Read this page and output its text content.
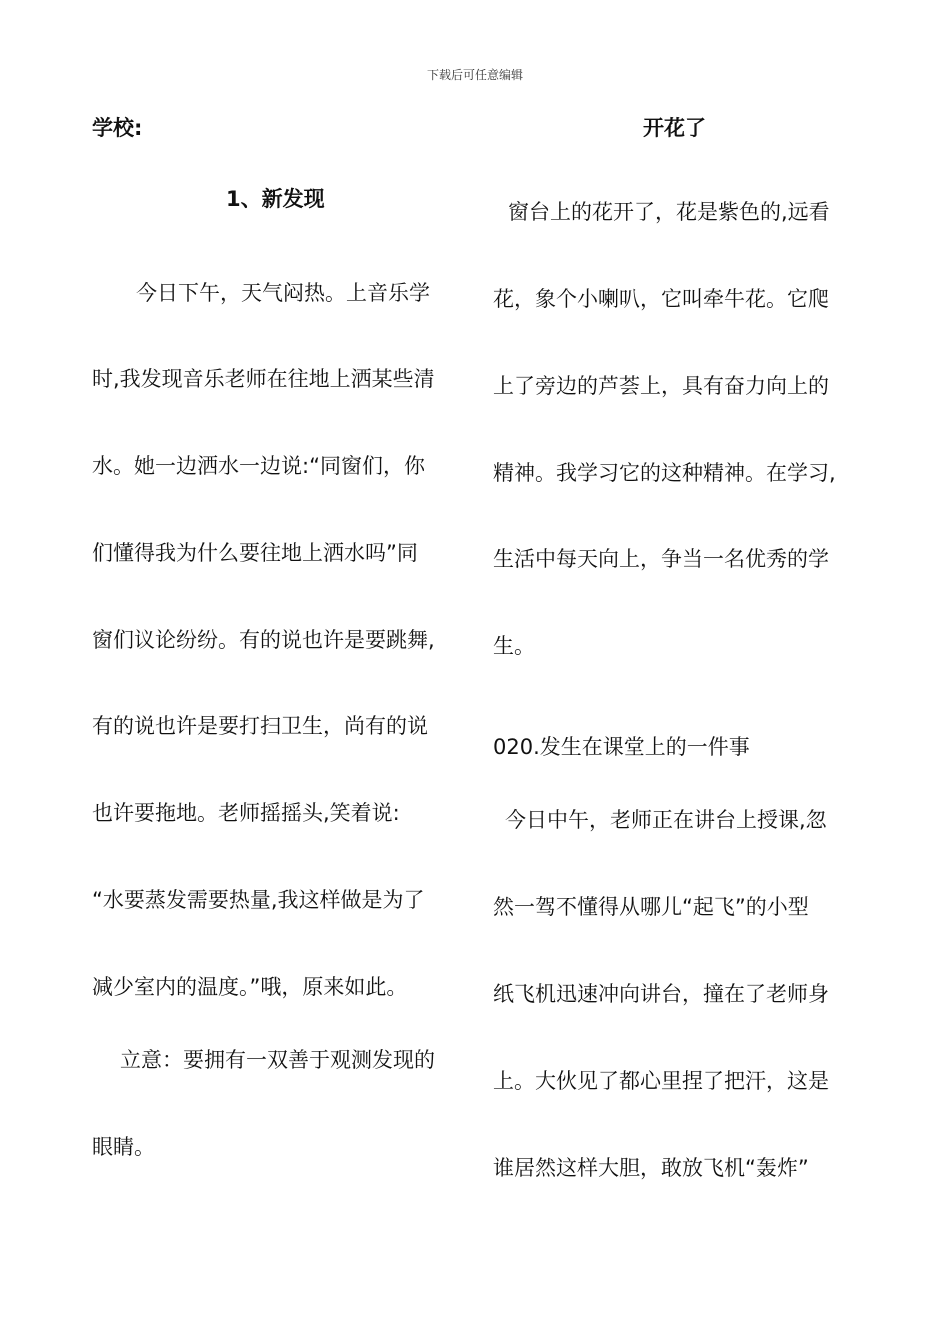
下载后可任意编辑
学校:
1、新发现
今日下午，天气闷热。上音乐学
时,我发现音乐老师在往地上洒某些清
水。她一边洒水一边说:“同窗们，你
们懂得我为什么要往地上洒水吗”同
窗们议论纷纷。有的说也许是要跳舞,
有的说也许是要打扫卫生，尚有的说
也许要拖地。老师摇摇头,笑着说:
“水要蒸发需要热量,我这样做是为了
减少室内的温度。”哦，原来如此。
立意：要拥有一双善于观测发现的
眼睛。
开花了
窗台上的花开了，花是紫色的,远看
花，象个小喇叭，它叫牵牛花。它爬
上了旁边的芦荟上，具有奋力向上的
精神。我学习它的这种精神。在学习,
生活中每天向上，争当一名优秀的学
生。
020.发生在课堂上的一件事
今日中午，老师正在讲台上授课,忽
然一驾不懂得从哪儿“起飞”的小型
纸飞机迅速冲向讲台，撞在了老师身
上。大伙见了都心里捏了把汗，这是
谁居然这样大胆，敢放飞机“轰炸”
